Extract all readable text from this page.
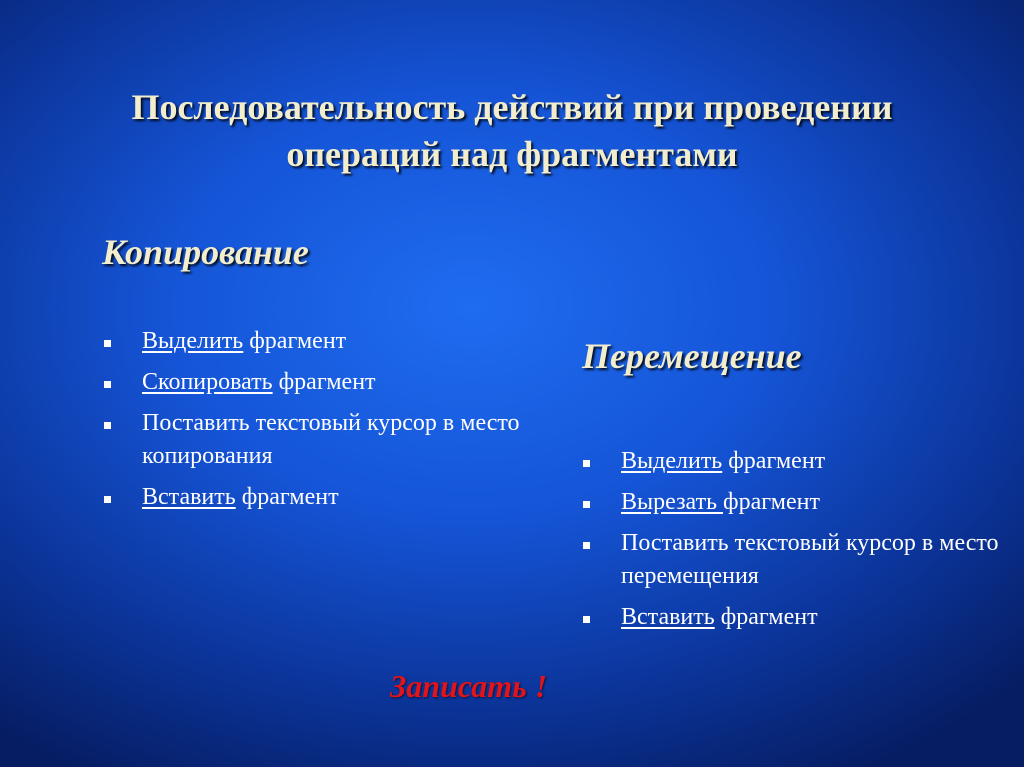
Последовательность действий при проведении
операций над фрагментами
Копирование
Выделить фрагмент
Скопировать фрагмент
Поставить текстовый курсор в место копирования
Вставить фрагмент
Перемещение
Выделить фрагмент
Вырезать фрагмент
Поставить текстовый курсор в место перемещения
Вставить фрагмент
Записать !
